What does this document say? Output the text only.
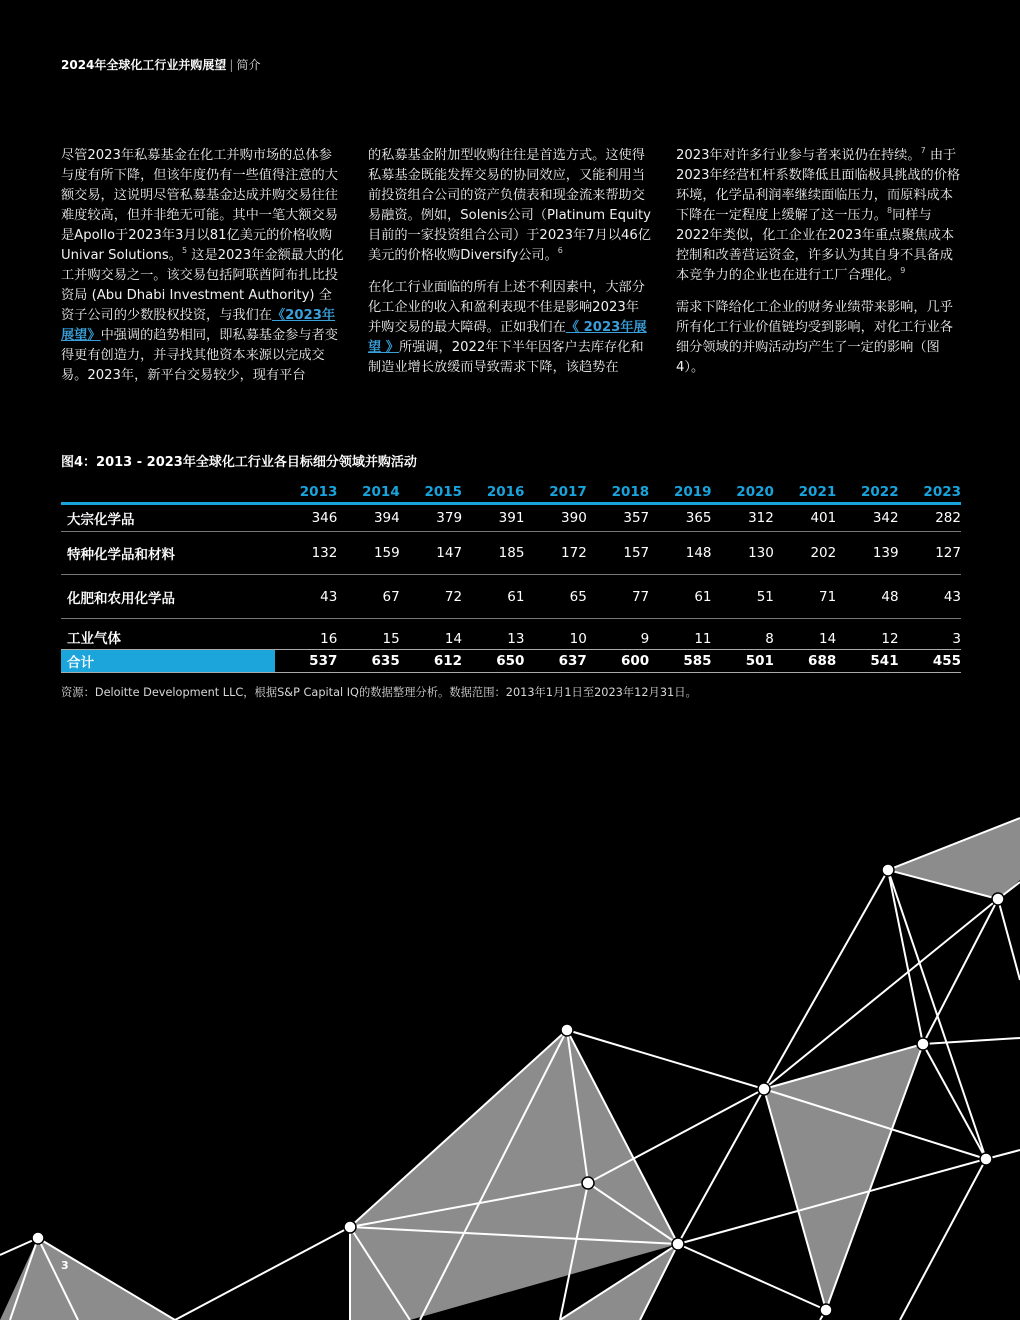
2024年全球化工行业并购展望 | 简介

尽管2023年私募基金在化工并购市场的总体参与度有所下降，但该年度仍有一些值得注意的大额交易，这说明尽管私募基金达成并购交易往往难度较高，但并非绝无可能。其中一笔大额交易是Apollo于2023年3月以81亿美元的价格收购Univar Solutions。$^5$ 这是2023年金额最大的化工并购交易之一。该交易包括阿联酋阿布扎比投资局 (Abu Dhabi Investment Authority) 全资子公司的少数股权投资，与我们在《2023年展望》中强调的趋势相同，即私募基金参与者变得更有创造力，并寻找其他资本来源以完成交易。2023年，新平台交易较少，现有平台

的私募基金附加型收购往往是首选方式。这使得私募基金既能发挥交易的协同效应，又能利用当前投资组合公司的资产负债表和现金流来帮助交易融资。例如，Solenis公司（Platinum Equity目前的一家投资组合公司）于2023年7月以46亿美元的价格收购Diversify公司。$^6$

在化工行业面临的所有上述不利因素中，大部分化工企业的收入和盈利表现不佳是影响2023年并购交易的最大障碍。正如我们在《 2023年展望 》所强调，2022年下半年因客户去库存化和制造业增长放缓而导致需求下降，该趋势在

2023年对许多行业参与者来说仍在持续。$^7$ 由于2023年经营杠杆系数降低且面临极具挑战的价格环境，化学品利润率继续面临压力，而原料成本下降在一定程度上缓解了这一压力。$^8$同样与2022年类似，化工企业在2023年重点聚焦成本控制和改善营运资金，许多认为其自身不具备成本竞争力的企业也在进行工厂合理化。$^9$

需求下降给化工企业的财务业绩带来影响，几乎所有化工行业价值链均受到影响，对化工行业各细分领域的并购活动均产生了一定的影响（图4）。

图4：2013 - 2023年全球化工行业各目标细分领域并购活动
	2013	2014	2015	2016	2017	2018	2019	2020	2021	2022	2023
大宗化学品	346	394	379	391	390	357	365	312	401	342	282
特种化学品和材料	132	159	147	185	172	157	148	130	202	139	127
化肥和农用化学品	43	67	72	61	65	77	61	51	71	48	43
工业气体	16	15	14	13	10	9	11	8	14	12	3
合计	537	635	612	650	637	600	585	501	688	541	455
资源：Deloitte Development LLC，根据S&P Capital IQ的数据整理分析。数据范围：2013年1月1日至2023年12月31日。
3
